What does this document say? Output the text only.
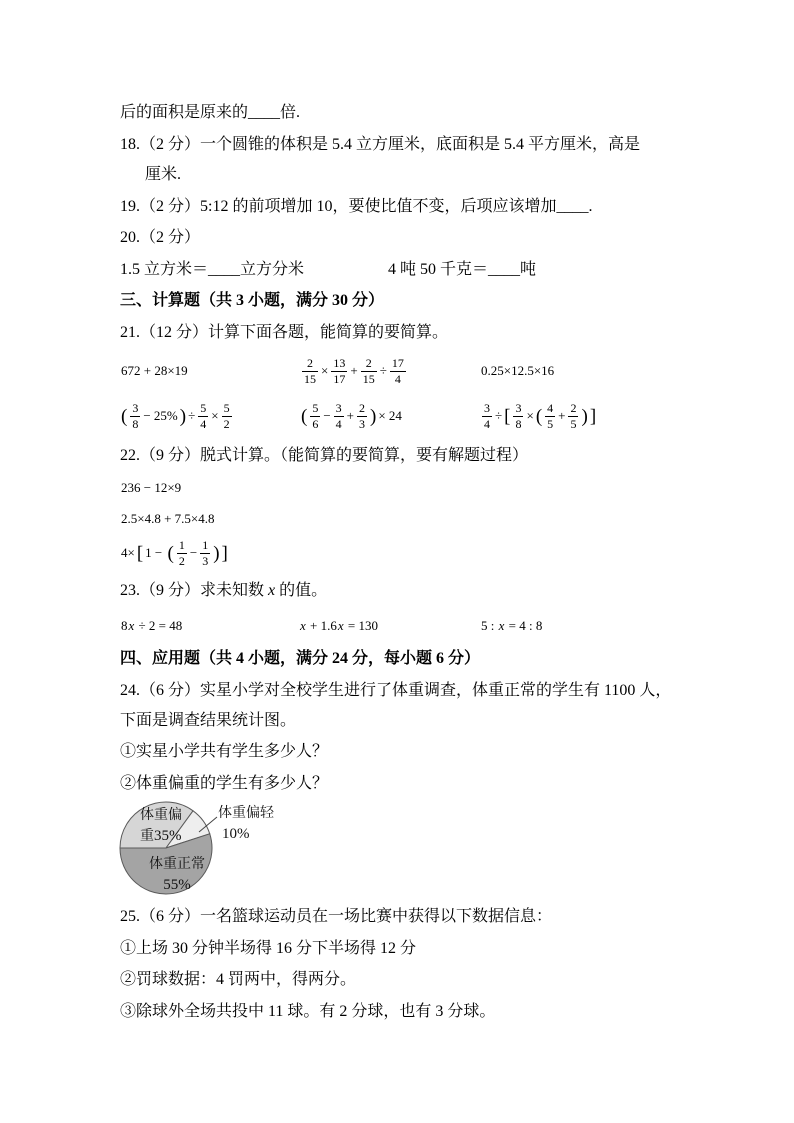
后的面积是原来的____倍.
18.（2 分）一个圆锥的体积是 5.4 立方厘米，底面积是 5.4 平方厘米，高是
厘米.
19.（2 分）5:12 的前项增加 10，要使比值不变，后项应该增加____.
20.（2 分）
1.5 立方米＝____立方分米	4 吨 50 千克＝____吨
三、计算题（共 3 小题，满分 30 分）
21.（12 分）计算下面各题，能简算的要简算。
672 + 28×19	$\frac{2}{15} \times \frac{13}{17} + \frac{2}{15} \div \frac{17}{4}$	0.25×12.5×16
( $\frac{3}{8} - 25\%$ ) ÷ $\frac{5}{4} \times \frac{5}{2}$	( $\frac{5}{6} - \frac{3}{4} + \frac{2}{3}$ ) × 24	$\frac{3}{4}$ ÷ [ $\frac{3}{8}$ × ( $\frac{4}{5} + \frac{2}{5}$ ) ]
22.（9 分）脱式计算。（能简算的要简算，要有解题过程）
236 − 12×9
2.5×4.8 + 7.5×4.8
4× [ 1 − ( $\frac{1}{2} - \frac{1}{3}$ ) ]
23.（9 分）求未知数 x 的值。
8 x ÷ 2 = 48	x + 1.6 x = 130	5 : x = 4 : 8
四、应用题（共 4 小题，满分 24 分，每小题 6 分）
24.（6 分）实星小学对全校学生进行了体重调查，体重正常的学生有 1100 人，
下面是调查结果统计图。
①实星小学共有学生多少人？
②体重偏重的学生有多少人？
体重偏重35%
体重偏轻
10%
体重正常
55%
25.（6 分）一名篮球运动员在一场比赛中获得以下数据信息：
①上场 30 分钟半场得 16 分下半场得 12 分
②罚球数据：4 罚两中，得两分。
③除球外全场共投中 11 球。有 2 分球，也有 3 分球。
